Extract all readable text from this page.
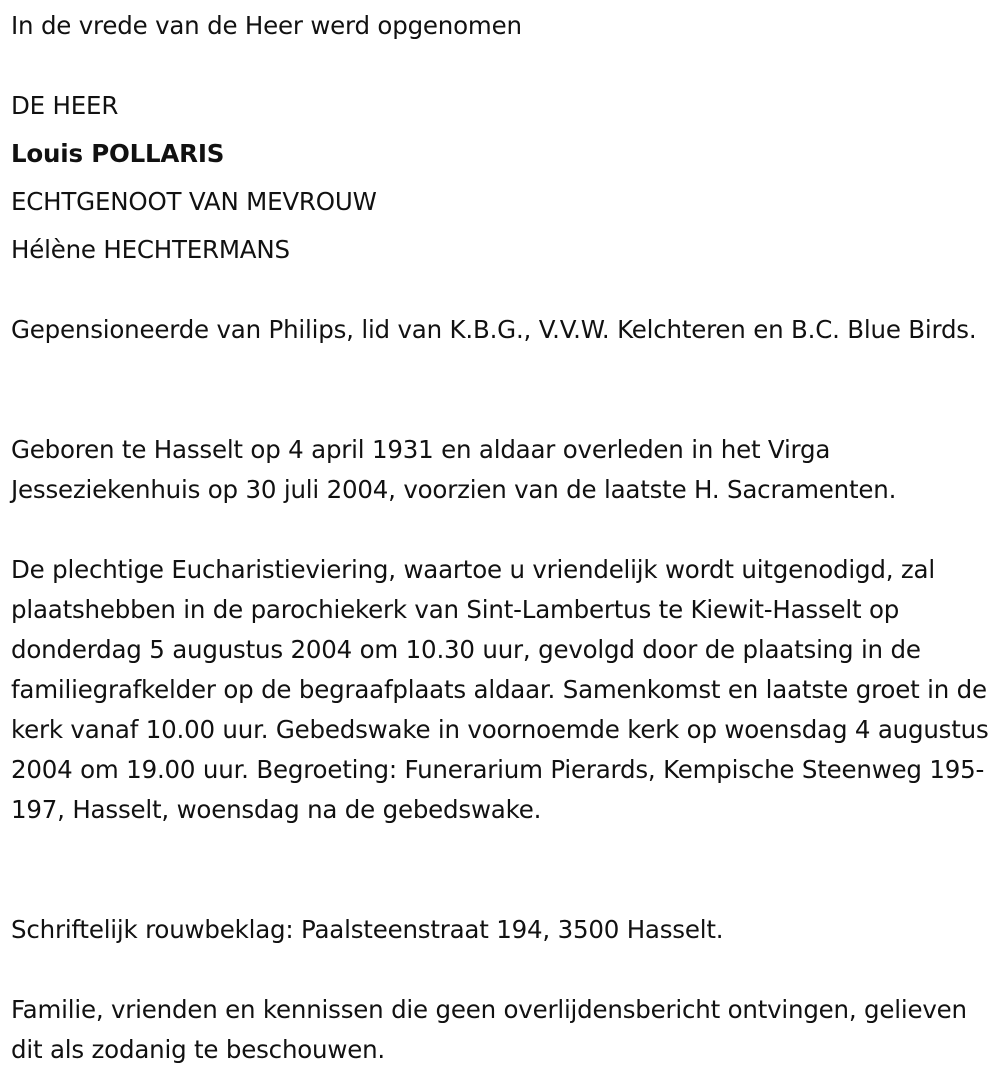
In de vrede van de Heer werd opgenomen

DE HEER

Louis POLLARIS

ECHTGENOOT VAN MEVROUW

Hélène HECHTERMANS

Gepensioneerde van Philips, lid van K.B.G., V.V.W. Kelchteren en B.C. Blue Birds.

Geboren te Hasselt op 4 april 1931 en aldaar overleden in het Virga Jesseziekenhuis op 30 juli 2004, voorzien van de laatste H. Sacramenten.

De plechtige Eucharistieviering, waartoe u vriendelijk wordt uitgenodigd, zal plaatshebben in de parochiekerk van Sint-Lambertus te Kiewit-Hasselt op donderdag 5 augustus 2004 om 10.30 uur, gevolgd door de plaatsing in de familiegrafkelder op de begraafplaats aldaar. Samenkomst en laatste groet in de kerk vanaf 10.00 uur. Gebedswake in voornoemde kerk op woensdag 4 augustus 2004 om 19.00 uur. Begroeting: Funerarium Pierards, Kempische Steenweg 195-197, Hasselt, woensdag na de gebedswake.

Schriftelijk rouwbeklag: Paalsteenstraat 194, 3500 Hasselt.

Familie, vrienden en kennissen die geen overlijdensbericht ontvingen, gelieven dit als zodanig te beschouwen.
